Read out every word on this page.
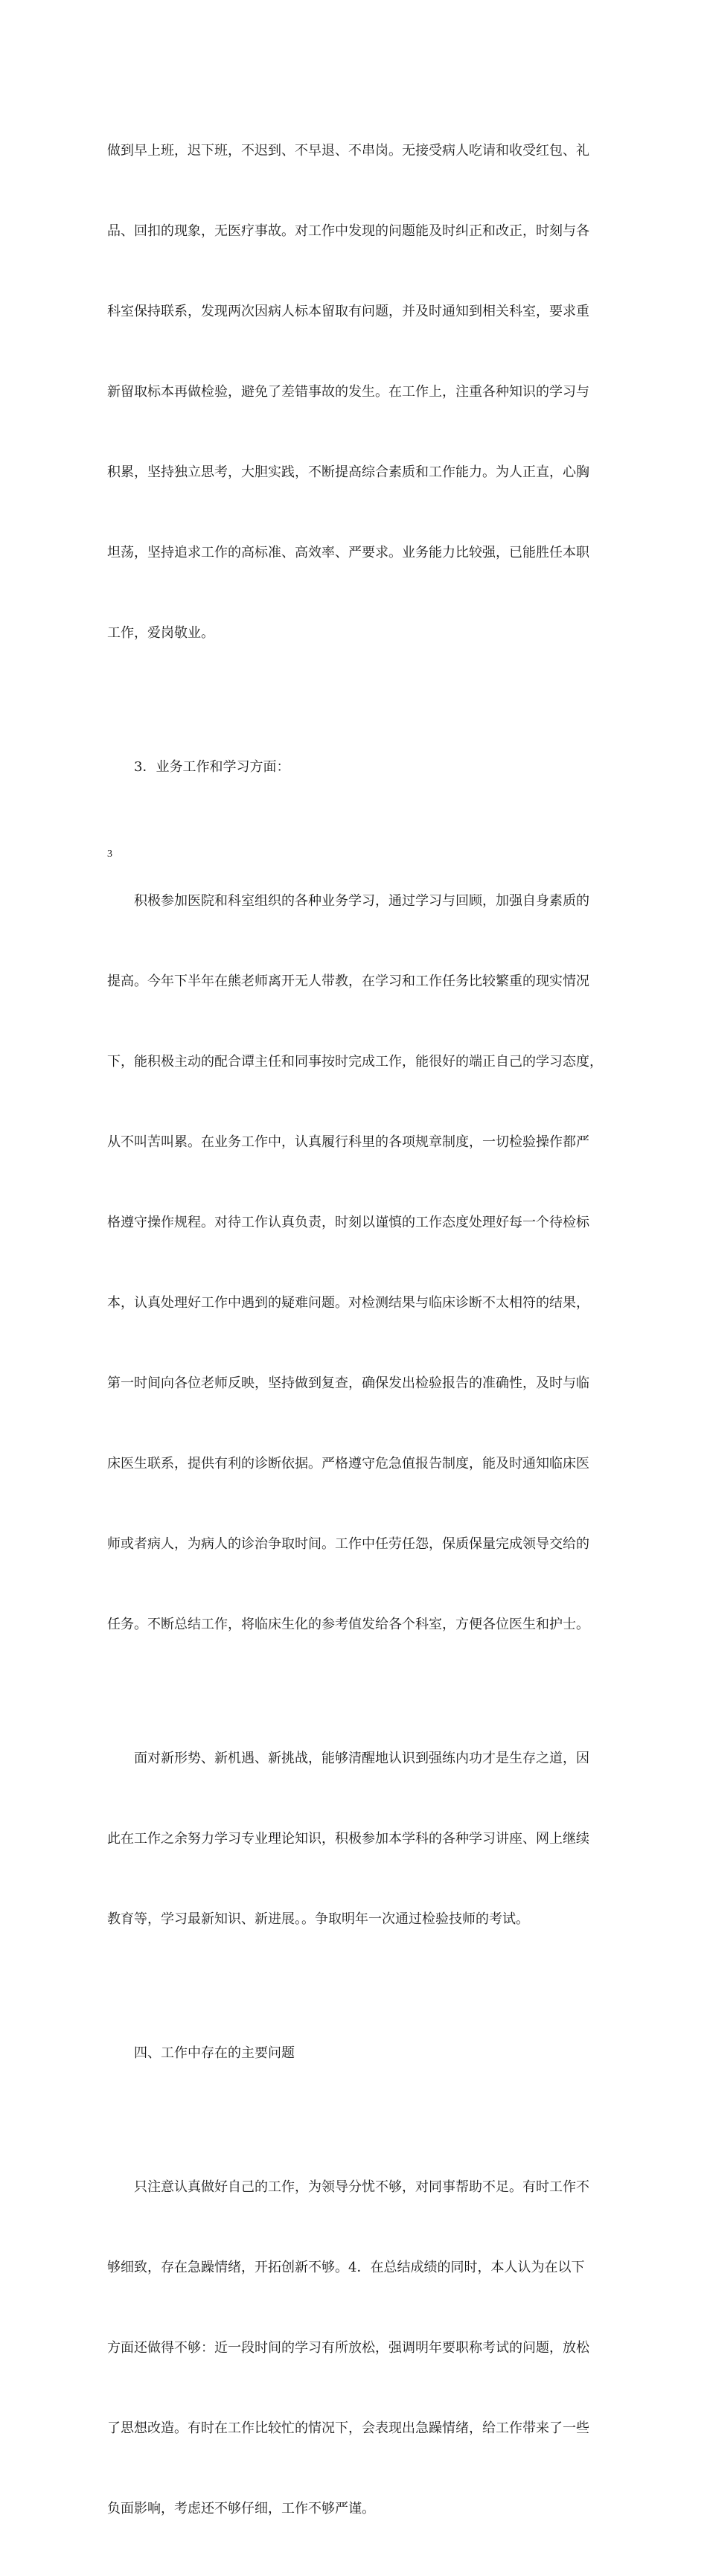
做到早上班，迟下班，不迟到、不早退、不串岗。无接受病人吃请和收受红包、礼

品、回扣的现象，无医疗事故。对工作中发现的问题能及时纠正和改正，时刻与各

科室保持联系，发现两次因病人标本留取有问题，并及时通知到相关科室，要求重

新留取标本再做检验，避免了差错事故的发生。在工作上，注重各种知识的学习与

积累，坚持独立思考，大胆实践，不断提高综合素质和工作能力。为人正直，心胸

坦荡，坚持追求工作的高标准、高效率、严要求。业务能力比较强，已能胜任本职

工作，爱岗敬业。

3．业务工作和学习方面：

积极参加医院和科室组织的各种业务学习，通过学习与回顾，加强自身素质的

提高。今年下半年在熊老师离开无人带教，在学习和工作任务比较繁重的现实情况

下，能积极主动的配合谭主任和同事按时完成工作，能很好的端正自己的学习态度，

从不叫苦叫累。在业务工作中，认真履行科里的各项规章制度，一切检验操作都严

格遵守操作规程。对待工作认真负责，时刻以谨慎的工作态度处理好每一个待检标

本，认真处理好工作中遇到的疑难问题。对检测结果与临床诊断不太相符的结果，

第一时间向各位老师反映，坚持做到复查，确保发出检验报告的准确性，及时与临

床医生联系，提供有利的诊断依据。严格遵守危急值报告制度，能及时通知临床医

师或者病人，为病人的诊治争取时间。工作中任劳任怨，保质保量完成领导交给的

任务。不断总结工作，将临床生化的参考值发给各个科室，方便各位医生和护士。

面对新形势、新机遇、新挑战，能够清醒地认识到强练内功才是生存之道，因

此在工作之余努力学习专业理论知识，积极参加本学科的各种学习讲座、网上继续

教育等，学习最新知识、新进展。。争取明年一次通过检验技师的考试。

四、工作中存在的主要问题

只注意认真做好自己的工作，为领导分忧不够，对同事帮助不足。有时工作不

够细致，存在急躁情绪，开拓创新不够。4．在总结成绩的同时，本人认为在以下

方面还做得不够：近一段时间的学习有所放松，强调明年要职称考试的问题，放松

了思想改造。有时在工作比较忙的情况下，会表现出急躁情绪，给工作带来了一些

负面影响，考虑还不够仔细，工作不够严谨。

3
